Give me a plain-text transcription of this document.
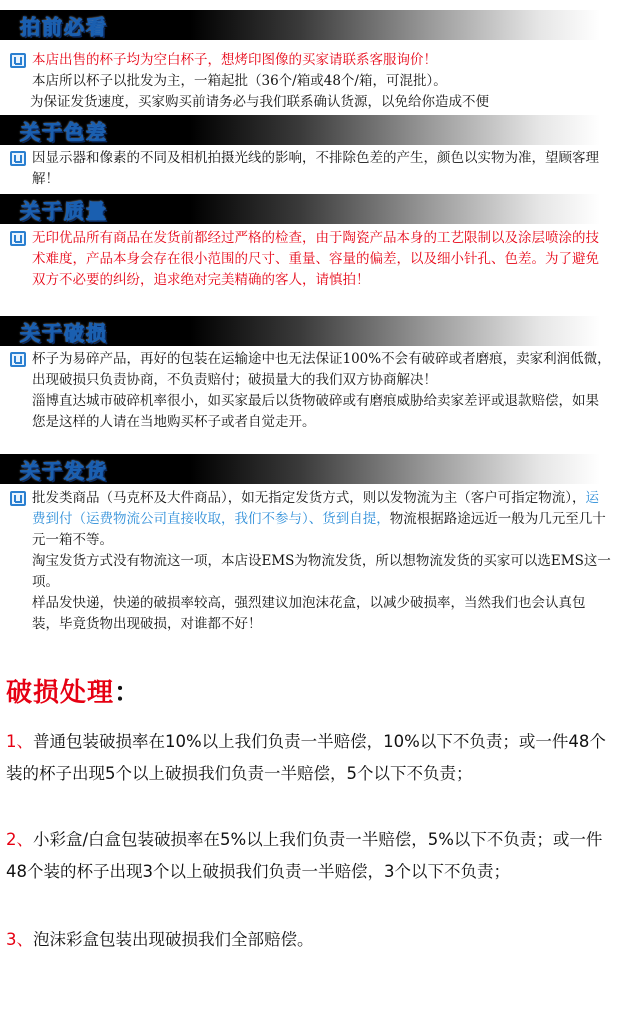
拍前必看
本店出售的杯子均为空白杯子，想烤印图像的买家请联系客服询价！
本店所以杯子以批发为主，一箱起批（36个/箱或48个/箱，可混批）。
为保证发货速度，买家购买前请务必与我们联系确认货源，以免给你造成不便
关于色差
因显示器和像素的不同及相机拍摄光线的影响，不排除色差的产生，颜色以实物为准，望顾客理解！
关于质量
无印优品所有商品在发货前都经过严格的检查，由于陶瓷产品本身的工艺限制以及涂层喷涂的技术难度，产品本身会存在很小范围的尺寸、重量、容量的偏差，以及细小针孔、色差。为了避免双方不必要的纠纷，追求绝对完美精确的客人，请慎拍！
关于破损
杯子为易碎产品，再好的包装在运输途中也无法保证100%不会有破碎或者磨痕，卖家利润低微，出现破损只负责协商，不负责赔付；破损量大的我们双方协商解决！
淄博直达城市破碎机率很小，如买家最后以货物破碎或有磨痕威胁给卖家差评或退款赔偿，如果您是这样的人请在当地购买杯子或者自觉走开。
关于发货
批发类商品（马克杯及大件商品），如无指定发货方式，则以发物流为主（客户可指定物流），运费到付（运费物流公司直接收取，我们不参与）、货到自提，物流根据路途远近一般为几元至几十元一箱不等。
淘宝发货方式没有物流这一项，本店设EMS为物流发货，所以想物流发货的买家可以选EMS这一项。
样品发快递，快递的破损率较高，强烈建议加泡沫花盒，以减少破损率，当然我们也会认真包装，毕竟货物出现破损，对谁都不好！
破损处理：
1、普通包装破损率在10%以上我们负责一半赔偿，10%以下不负责；或一件48个装的杯子出现5个以上破损我们负责一半赔偿，5个以下不负责；
2、小彩盒/白盒包装破损率在5%以上我们负责一半赔偿，5%以下不负责；或一件48个装的杯子出现3个以上破损我们负责一半赔偿，3个以下不负责；
3、泡沫彩盒包装出现破损我们全部赔偿。
